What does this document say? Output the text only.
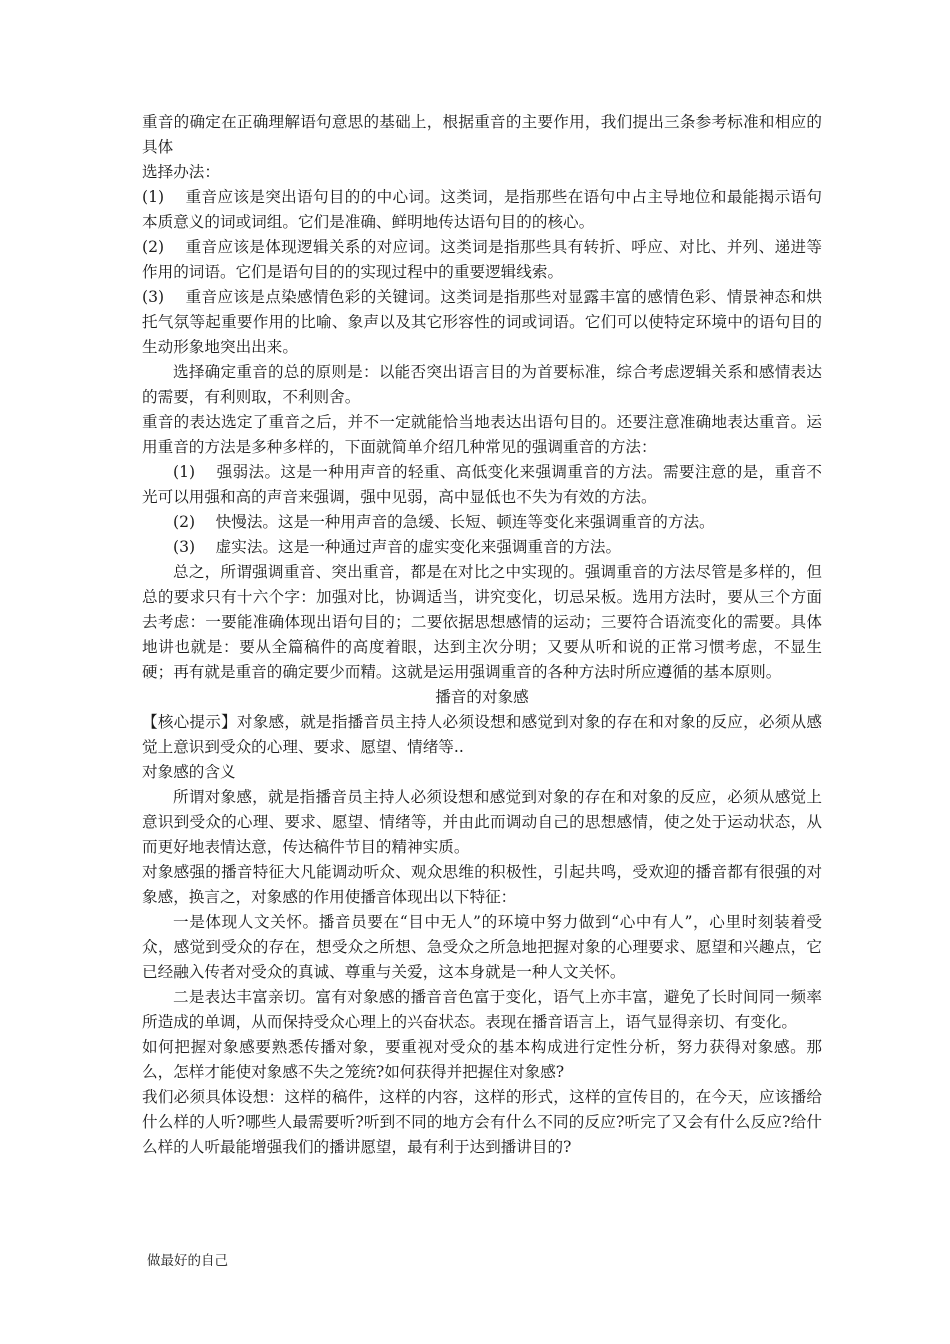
重音的确定在正确理解语句意思的基础上，根据重音的主要作用，我们提出三条参考标准和相应的具体

选择办法：

(1)　 重音应该是突出语句目的的中心词。这类词，是指那些在语句中占主导地位和最能揭示语句本质意义的词或词组。它们是准确、鲜明地传达语句目的的核心。

(2)　 重音应该是体现逻辑关系的对应词。这类词是指那些具有转折、呼应、对比、并列、递进等作用的词语。它们是语句目的的实现过程中的重要逻辑线索。

(3)　 重音应该是点染感情色彩的关键词。这类词是指那些对显露丰富的感情色彩、情景神态和烘托气氛等起重要作用的比喻、象声以及其它形容性的词或词语。它们可以使特定环境中的语句目的生动形象地突出出来。

选择确定重音的总的原则是：以能否突出语言目的为首要标准，综合考虑逻辑关系和感情表达的需要，有利则取，不利则舍。

重音的表达选定了重音之后，并不一定就能恰当地表达出语句目的。还要注意准确地表达重音。运用重音的方法是多种多样的，下面就简单介绍几种常见的强调重音的方法：

(1)　 强弱法。这是一种用声音的轻重、高低变化来强调重音的方法。需要注意的是，重音不光可以用强和高的声音来强调，强中见弱，高中显低也不失为有效的方法。

(2)　 快慢法。这是一种用声音的急缓、长短、顿连等变化来强调重音的方法。

(3)　 虚实法。这是一种通过声音的虚实变化来强调重音的方法。

总之，所谓强调重音、突出重音，都是在对比之中实现的。强调重音的方法尽管是多样的，但总的要求只有十六个字：加强对比，协调适当，讲究变化，切忌呆板。选用方法时，要从三个方面去考虑：一要能准确体现出语句目的；二要依据思想感情的运动；三要符合语流变化的需要。具体地讲也就是：要从全篇稿件的高度着眼，达到主次分明；又要从听和说的正常习惯考虑，不显生硬；再有就是重音的确定要少而精。这就是运用强调重音的各种方法时所应遵循的基本原则。

播音的对象感

【核心提示】对象感，就是指播音员主持人必须设想和感觉到对象的存在和对象的反应，必须从感觉上意识到受众的心理、要求、愿望、情绪等..

对象感的含义

所谓对象感，就是指播音员主持人必须设想和感觉到对象的存在和对象的反应，必须从感觉上意识到受众的心理、要求、愿望、情绪等，并由此而调动自己的思想感情，使之处于运动状态，从而更好地表情达意，传达稿件节目的精神实质。

对象感强的播音特征大凡能调动听众、观众思维的积极性，引起共鸣，受欢迎的播音都有很强的对象感，换言之，对象感的作用使播音体现出以下特征：

一是体现人文关怀。播音员要在“目中无人”的环境中努力做到“心中有人”，心里时刻装着受众，感觉到受众的存在，想受众之所想、急受众之所急地把握对象的心理要求、愿望和兴趣点，它已经融入传者对受众的真诚、尊重与关爱，这本身就是一种人文关怀。

二是表达丰富亲切。富有对象感的播音音色富于变化，语气上亦丰富，避免了长时间同一频率所造成的单调，从而保持受众心理上的兴奋状态。表现在播音语言上，语气显得亲切、有变化。

如何把握对象感要熟悉传播对象，要重视对受众的基本构成进行定性分析，努力获得对象感。那么，怎样才能使对象感不失之笼统?如何获得并把握住对象感?

我们必须具体设想：这样的稿件，这样的内容，这样的形式，这样的宣传目的，在今天，应该播给什么样的人听?哪些人最需要听?听到不同的地方会有什么不同的反应?听完了又会有什么反应?给什么样的人听最能增强我们的播讲愿望，最有利于达到播讲目的?

做最好的自己
